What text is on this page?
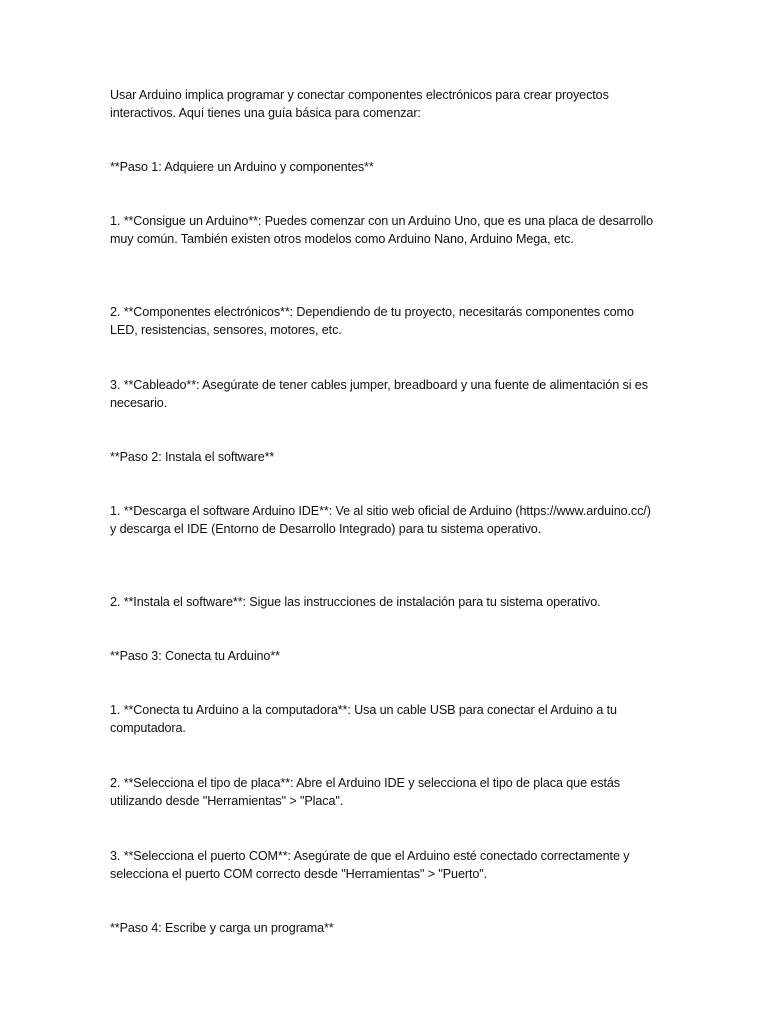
Usar Arduino implica programar y conectar componentes electrónicos para crear proyectos interactivos. Aquí tienes una guía básica para comenzar:

**Paso 1: Adquiere un Arduino y componentes**

1. **Consigue un Arduino**: Puedes comenzar con un Arduino Uno, que es una placa de desarrollo muy común. También existen otros modelos como Arduino Nano, Arduino Mega, etc.

2. **Componentes electrónicos**: Dependiendo de tu proyecto, necesitarás componentes como LED, resistencias, sensores, motores, etc.

3. **Cableado**: Asegúrate de tener cables jumper, breadboard y una fuente de alimentación si es necesario.

**Paso 2: Instala el software**

1. **Descarga el software Arduino IDE**: Ve al sitio web oficial de Arduino (https://www.arduino.cc/) y descarga el IDE (Entorno de Desarrollo Integrado) para tu sistema operativo.

2. **Instala el software**: Sigue las instrucciones de instalación para tu sistema operativo.

**Paso 3: Conecta tu Arduino**

1. **Conecta tu Arduino a la computadora**: Usa un cable USB para conectar el Arduino a tu computadora.

2. **Selecciona el tipo de placa**: Abre el Arduino IDE y selecciona el tipo de placa que estás utilizando desde "Herramientas" > "Placa".

3. **Selecciona el puerto COM**: Asegúrate de que el Arduino esté conectado correctamente y selecciona el puerto COM correcto desde "Herramientas" > "Puerto".

**Paso 4: Escribe y carga un programa**
